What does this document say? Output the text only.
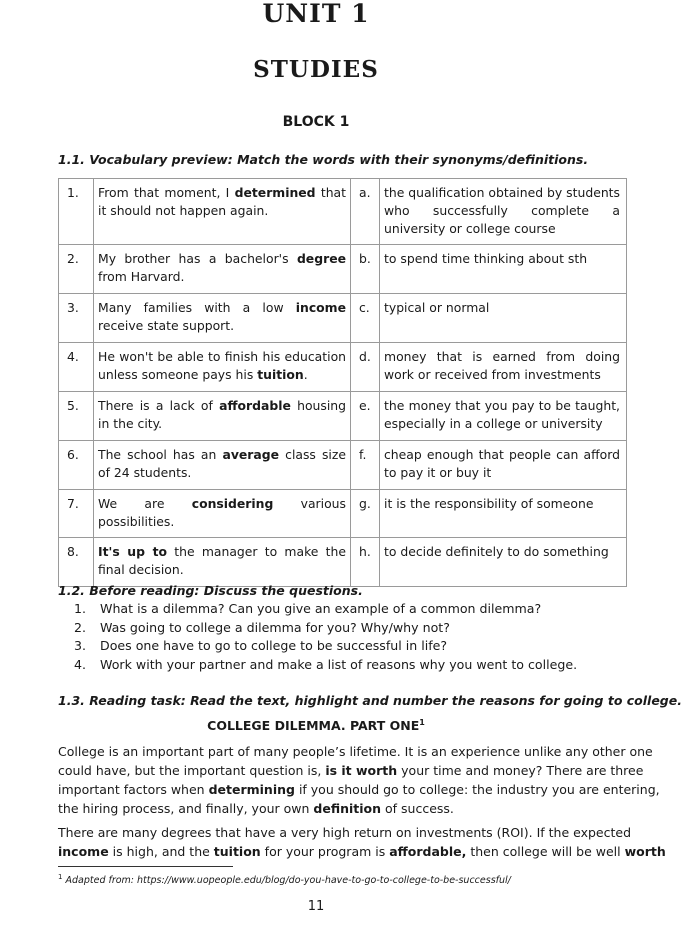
UNIT 1
STUDIES
BLOCK 1
1.1. Vocabulary preview: Match the words with their synonyms/definitions.
1.	From that moment, I determined that it should not happen again.	a.	the qualification obtained by students who successfully complete a university or college course
2.	My brother has a bachelor's degree from Harvard.	b.	to spend time thinking about sth
3.	Many families with a low income receive state support.	c.	typical or normal
4.	He won't be able to finish his education unless someone pays his tuition.	d.	money that is earned from doing work or received from investments
5.	There is a lack of affordable housing in the city.	e.	the money that you pay to be taught, especially in a college or university
6.	The school has an average class size of 24 students.	f.	cheap enough that people can afford to pay it or buy it
7.	We are considering various possibilities.	g.	it is the responsibility of someone
8.	It's up to the manager to make the final decision.	h.	to decide definitely to do something
1.2. Before reading: Discuss the questions.
1. What is a dilemma? Can you give an example of a common dilemma?
2. Was going to college a dilemma for you? Why/why not?
3. Does one have to go to college to be successful in life?
4. Work with your partner and make a list of reasons why you went to college.
1.3. Reading task: Read the text, highlight and number the reasons for going to college.
COLLEGE DILEMMA. PART ONE$^1$
College is an important part of many people’s lifetime. It is an experience unlike any other one
could have, but the important question is, is it worth your time and money? There are three
important factors when determining if you should go to college: the industry you are entering,
the hiring process, and finally, your own definition of success.
There are many degrees that have a very high return on investments (ROI). If the expected
income is high, and the tuition for your program is affordable, then college will be well worth
$^1$ Adapted from: https://www.uopeople.edu/blog/do-you-have-to-go-to-college-to-be-successful/
11
